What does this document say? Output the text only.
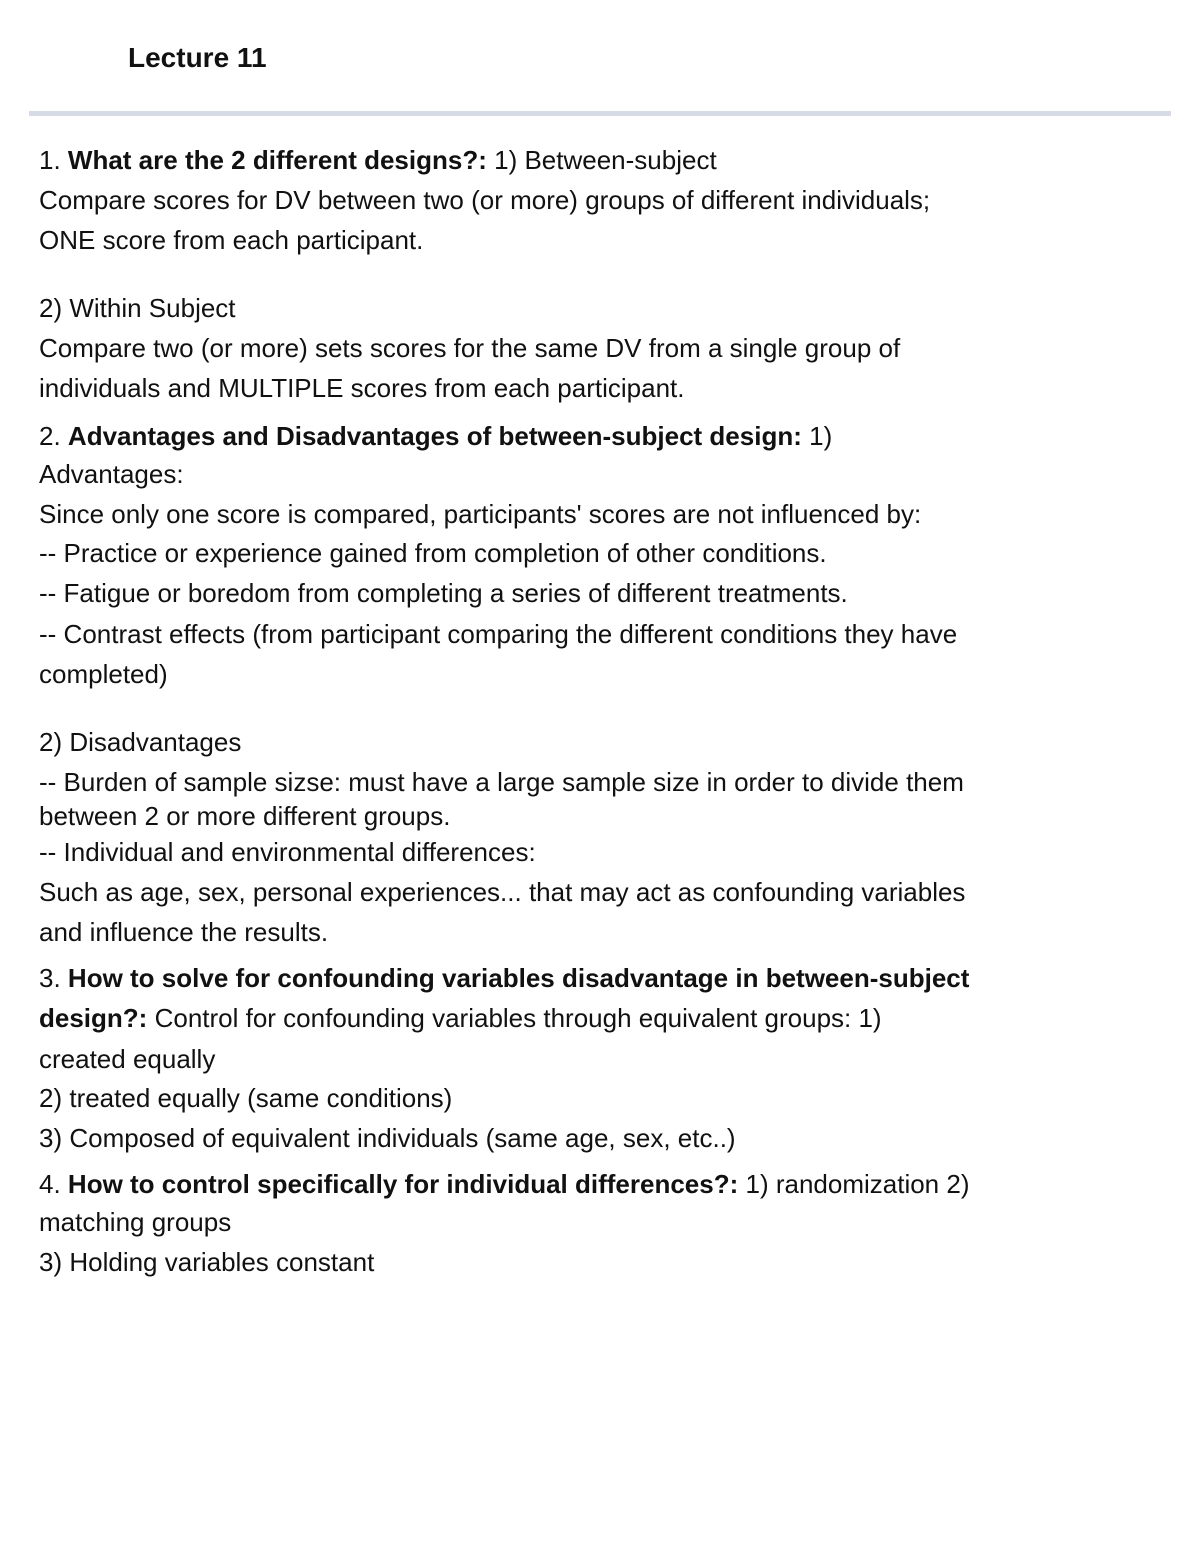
Lecture 11

1. What are the 2 different designs?: 1) Between-subject

Compare scores for DV between two (or more) groups of different individuals;

ONE score from each participant.

2) Within Subject

Compare two (or more) sets scores for the same DV from a single group of

individuals and MULTIPLE scores from each participant.

2. Advantages and Disadvantages of between-subject design: 1)

Advantages:

Since only one score is compared, participants' scores are not influenced by:

-- Practice or experience gained from completion of other conditions.

-- Fatigue or boredom from completing a series of different treatments.

-- Contrast effects (from participant comparing the different conditions they have

completed)

2) Disadvantages

-- Burden of sample sizse: must have a large sample size in order to divide them

between 2 or more different groups.

-- Individual and environmental differences:

Such as age, sex, personal experiences... that may act as confounding variables

and influence the results.

3. How to solve for confounding variables disadvantage in between-subject

design?: Control for confounding variables through equivalent groups: 1)

created equally

2) treated equally (same conditions)

3) Composed of equivalent individuals (same age, sex, etc..)

4. How to control specifically for individual differences?: 1) randomization 2)

matching groups

3) Holding variables constant
